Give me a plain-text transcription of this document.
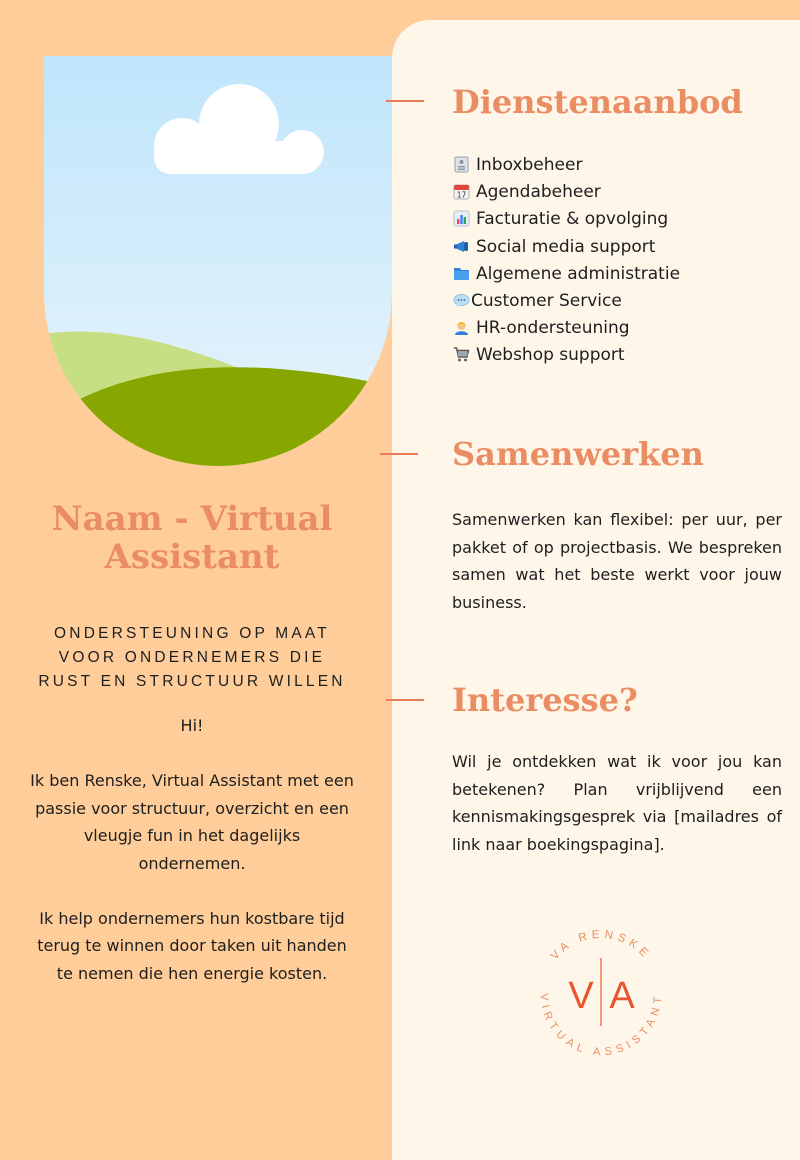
Naam - Virtual Assistant
ONDERSTEUNING OP MAAT VOOR ONDERNEMERS DIE RUST EN STRUCTUUR WILLEN

Hi!

Ik ben Renske, Virtual Assistant met een passie voor structuur, overzicht en een vleugje fun in het dagelijks ondernemen.

Ik help ondernemers hun kostbare tijd terug te winnen door taken uit handen te nemen die hen energie kosten.

Dienstenaanbod
Inboxbeheer
17 Agendabeheer
Facturatie & opvolging
Social media support
Algemene administratie
Customer Service
HR-ondersteuning
Webshop support
Samenwerken
Samenwerken kan flexibel: per uur, per pakket of op projectbasis. We bespreken samen wat het beste werkt voor jouw business.
Interesse?
Wil je ontdekken wat ik voor jou kan betekenen? Plan vrijblijvend een kennismakingsgesprek via [mailadres of link naar boekingspagina].
VA RENSKE
VIRTUAL ASSISTANT
V A
